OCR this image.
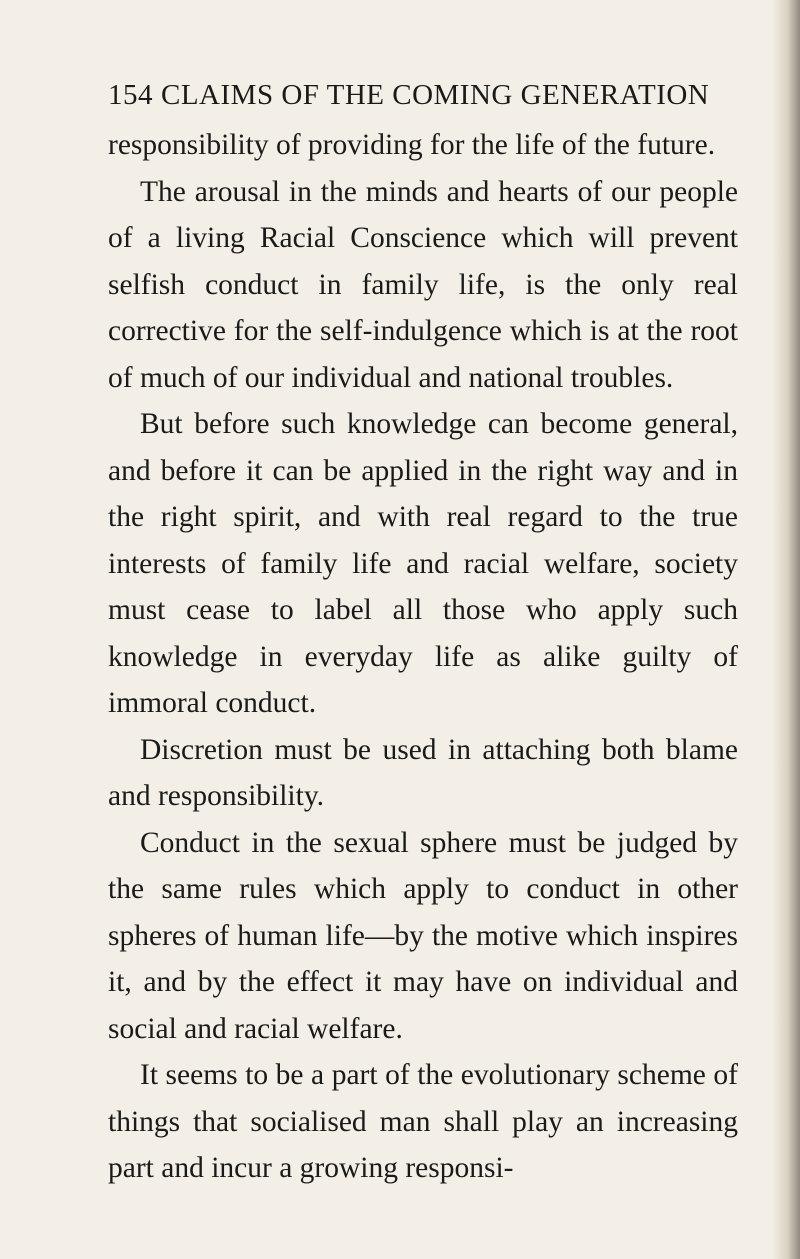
154 CLAIMS OF THE COMING GENERATION

responsibility of providing for the life of the future.

The arousal in the minds and hearts of our people of a living Racial Conscience which will prevent selfish conduct in family life, is the only real corrective for the self-indulgence which is at the root of much of our individual and national troubles.

But before such knowledge can become general, and before it can be applied in the right way and in the right spirit, and with real regard to the true interests of family life and racial welfare, society must cease to label all those who apply such knowledge in everyday life as alike guilty of immoral conduct.

Discretion must be used in attaching both blame and responsibility.

Conduct in the sexual sphere must be judged by the same rules which apply to conduct in other spheres of human life—by the motive which inspires it, and by the effect it may have on individual and social and racial welfare.

It seems to be a part of the evolutionary scheme of things that socialised man shall play an increasing part and incur a growing responsi-
